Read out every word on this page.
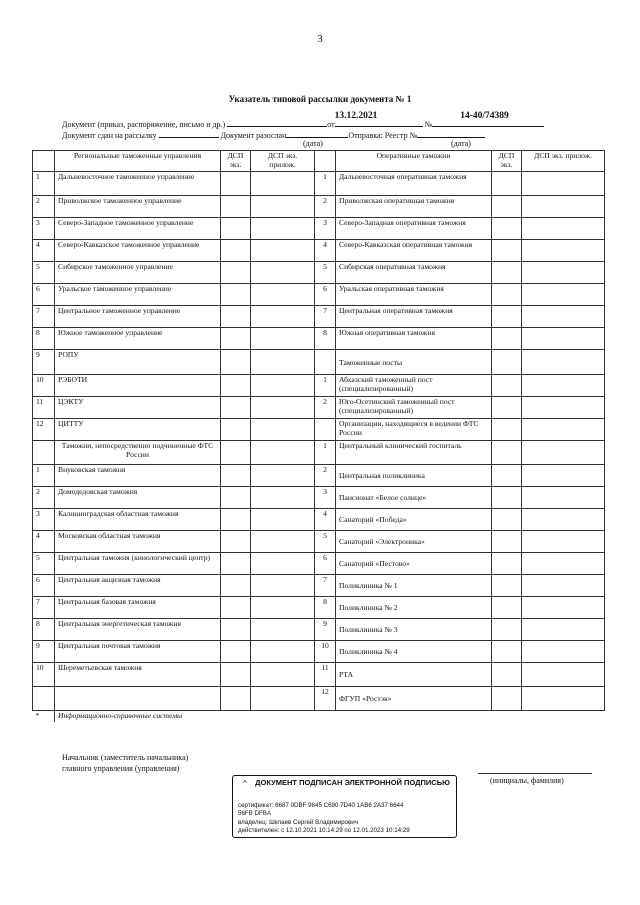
3
Указатель типовой рассылки документа № 1
Документ (приказ, распоряжение, письмо и др.)	от
13.12.2021
№
14-40/74389
Документ сдан на рассылку	Документ разослан	Отправка: Реестр №
(дата)	(дата)
	Региональные таможенные управления	ДСП экз.	ДСП экз. прилож.		Оперативные таможни	ДСП экз.	ДСП экз. прилож.
1	Дальневосточное таможенное управление			1	Дальневосточная оперативная таможня		
2	Приволжское таможенное управление			2	Приволжская оперативная таможня		
3	Северо-Западное таможенное управление			3	Северо-Западная оперативная таможня		
4	Северо-Кавказское таможенное управление			4	Северо-Кавказская оперативная таможня		
5	Сибирское таможенное управление			5	Сибирская оперативная таможня		
6	Уральское таможенное управление			6	Уральская оперативная таможня		
7	Центральное таможенное управление			7	Центральная оперативная таможня		
8	Южное таможенное управление			8	Южная оперативная таможня		
9	РОПУ				Таможенные посты		
10	РЭБОТИ			1	Абхазский таможенный пост (специализированный)		
11	ЦЭКТУ			2	Юго-Осетинский таможенный пост (специализированный)		
12	ЦИТТУ				Организации, находящиеся в ведении ФТС России		
	Таможни, непосредственно подчиненные ФТС России			1	Центральный клинический госпиталь		
1	Внуковская таможня			2	Центральная поликлиника		
2	Домодедовская таможня			3	Пансионат «Белое солнце»		
3	Калининградская областная таможня			4	Санаторий «Победа»		
4	Московская областная таможня			5	Санаторий «Электроника»		
5	Центральная таможня (кинологический центр)			6	Санаторий «Пестово»		
6	Центральная акцизная таможня			7	Поликлиника № 1		
7	Центральная базовая таможня			8	Поликлиника № 2		
8	Центральная энергетическая таможня			9	Поликлиника № 3		
9	Центральная почтовая таможня			10	Поликлиника № 4		
10	Шереметьевская таможня			11	РТА		
				12	ФГУП «Ростэк»		
*	Информационно-справочные системы						
Начальник (заместитель начальника)
главного управления (управления)
(инициалы, фамилия)
^ ДОКУМЕНТ ПОДПИСАН ЭЛЕКТРОННОЙ ПОДПИСЬЮ
сертификат: 6687 0DBF 9845 C690 7D40 1AB6 2A37 6644
56FB DFBA
владелец: Шклаев Сергей Владимирович
действителен: с 12.10.2021 10:14:29 по 12.01.2023 10:14:29
